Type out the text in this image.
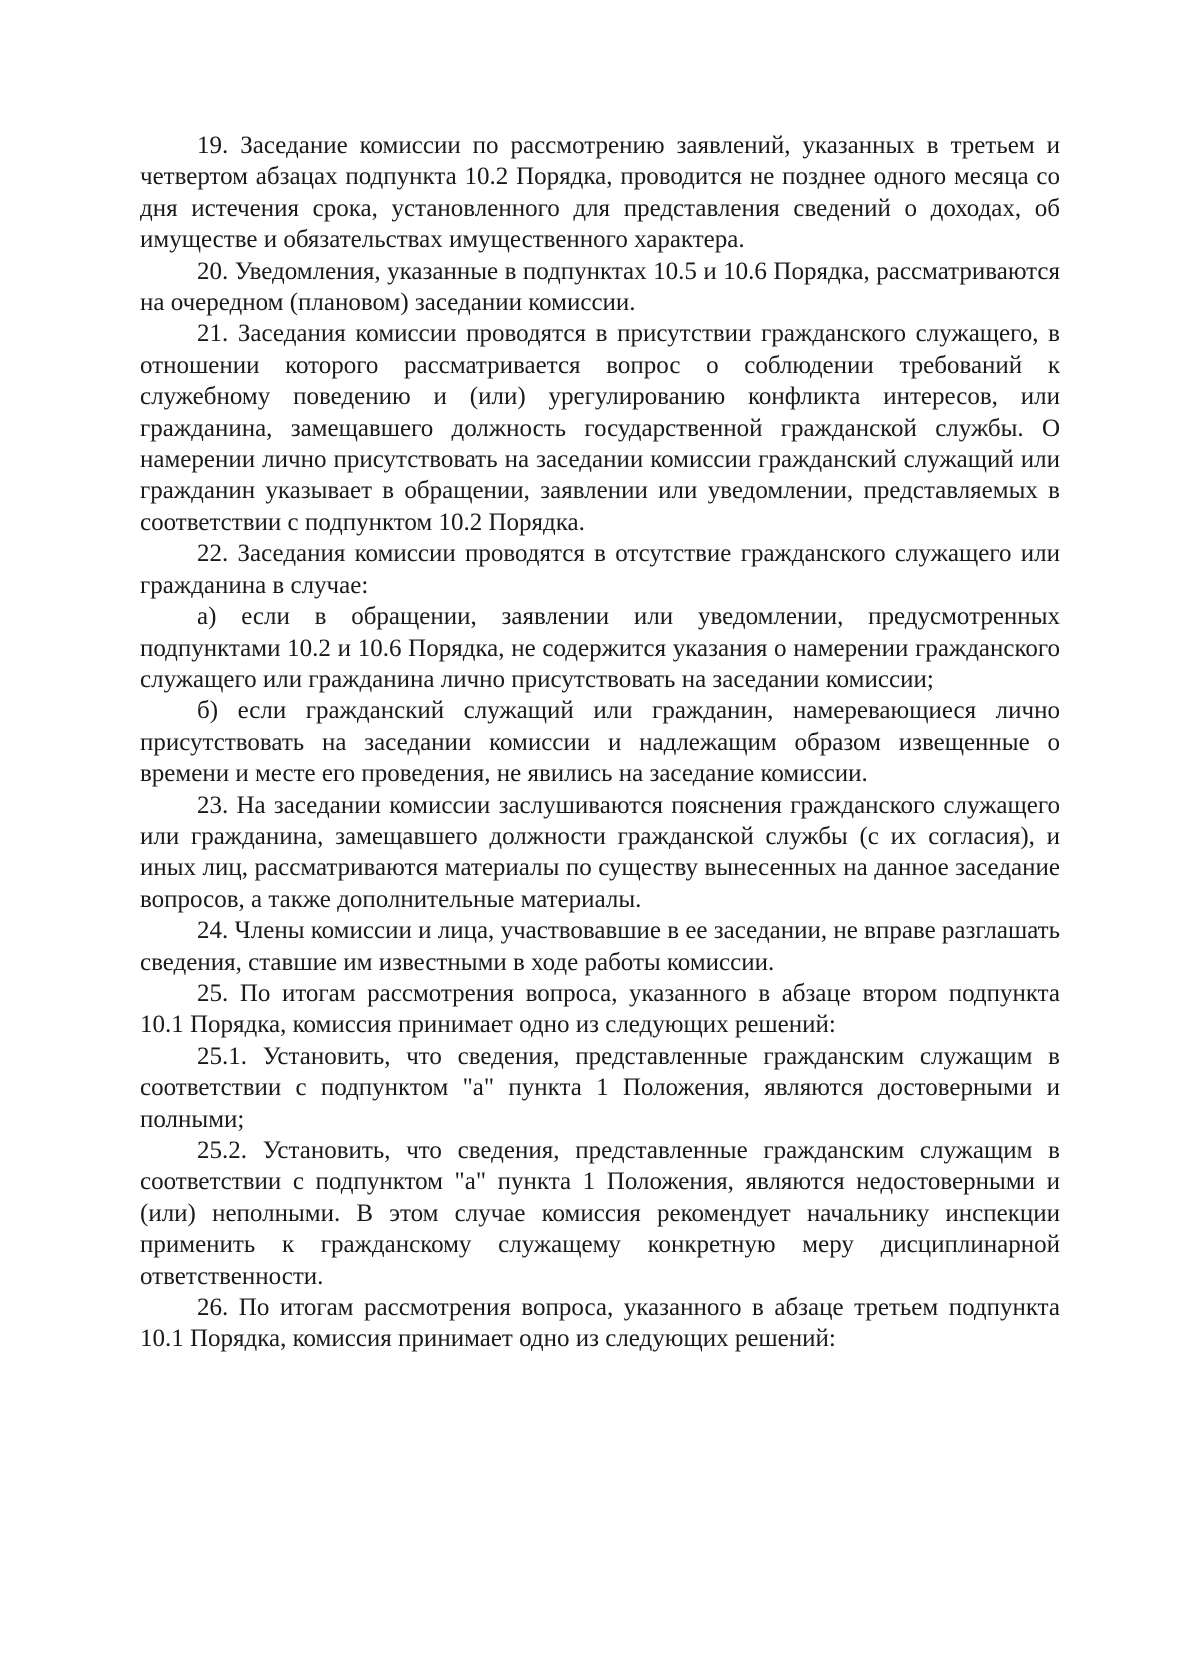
19. Заседание комиссии по рассмотрению заявлений, указанных в третьем и четвертом абзацах подпункта 10.2 Порядка, проводится не позднее одного месяца со дня истечения срока, установленного для представления сведений о доходах, об имуществе и обязательствах имущественного характера.

20. Уведомления, указанные в подпунктах 10.5 и 10.6 Порядка, рассматриваются на очередном (плановом) заседании комиссии.

21. Заседания комиссии проводятся в присутствии гражданского служащего, в отношении которого рассматривается вопрос о соблюдении требований к служебному поведению и (или) урегулированию конфликта интересов, или гражданина, замещавшего должность государственной гражданской службы. О намерении лично присутствовать на заседании комиссии гражданский служащий или гражданин указывает в обращении, заявлении или уведомлении, представляемых в соответствии с подпунктом 10.2 Порядка.

22. Заседания комиссии проводятся в отсутствие гражданского служащего или гражданина в случае:

а) если в обращении, заявлении или уведомлении, предусмотренных подпунктами 10.2 и 10.6 Порядка, не содержится указания о намерении гражданского служащего или гражданина лично присутствовать на заседании комиссии;

б) если гражданский служащий или гражданин, намеревающиеся лично присутствовать на заседании комиссии и надлежащим образом извещенные о времени и месте его проведения, не явились на заседание комиссии.

23. На заседании комиссии заслушиваются пояснения гражданского служащего или гражданина, замещавшего должности гражданской службы (с их согласия), и иных лиц, рассматриваются материалы по существу вынесенных на данное заседание вопросов, а также дополнительные материалы.

24. Члены комиссии и лица, участвовавшие в ее заседании, не вправе разглашать сведения, ставшие им известными в ходе работы комиссии.

25. По итогам рассмотрения вопроса, указанного в абзаце втором подпункта 10.1 Порядка, комиссия принимает одно из следующих решений:

25.1. Установить, что сведения, представленные гражданским служащим в соответствии с подпунктом "а" пункта 1 Положения, являются достоверными и полными;

25.2. Установить, что сведения, представленные гражданским служащим в соответствии с подпунктом "а" пункта 1 Положения, являются недостоверными и (или) неполными. В этом случае комиссия рекомендует начальнику инспекции применить к гражданскому служащему конкретную меру дисциплинарной ответственности.

26. По итогам рассмотрения вопроса, указанного в абзаце третьем подпункта 10.1 Порядка, комиссия принимает одно из следующих решений:
